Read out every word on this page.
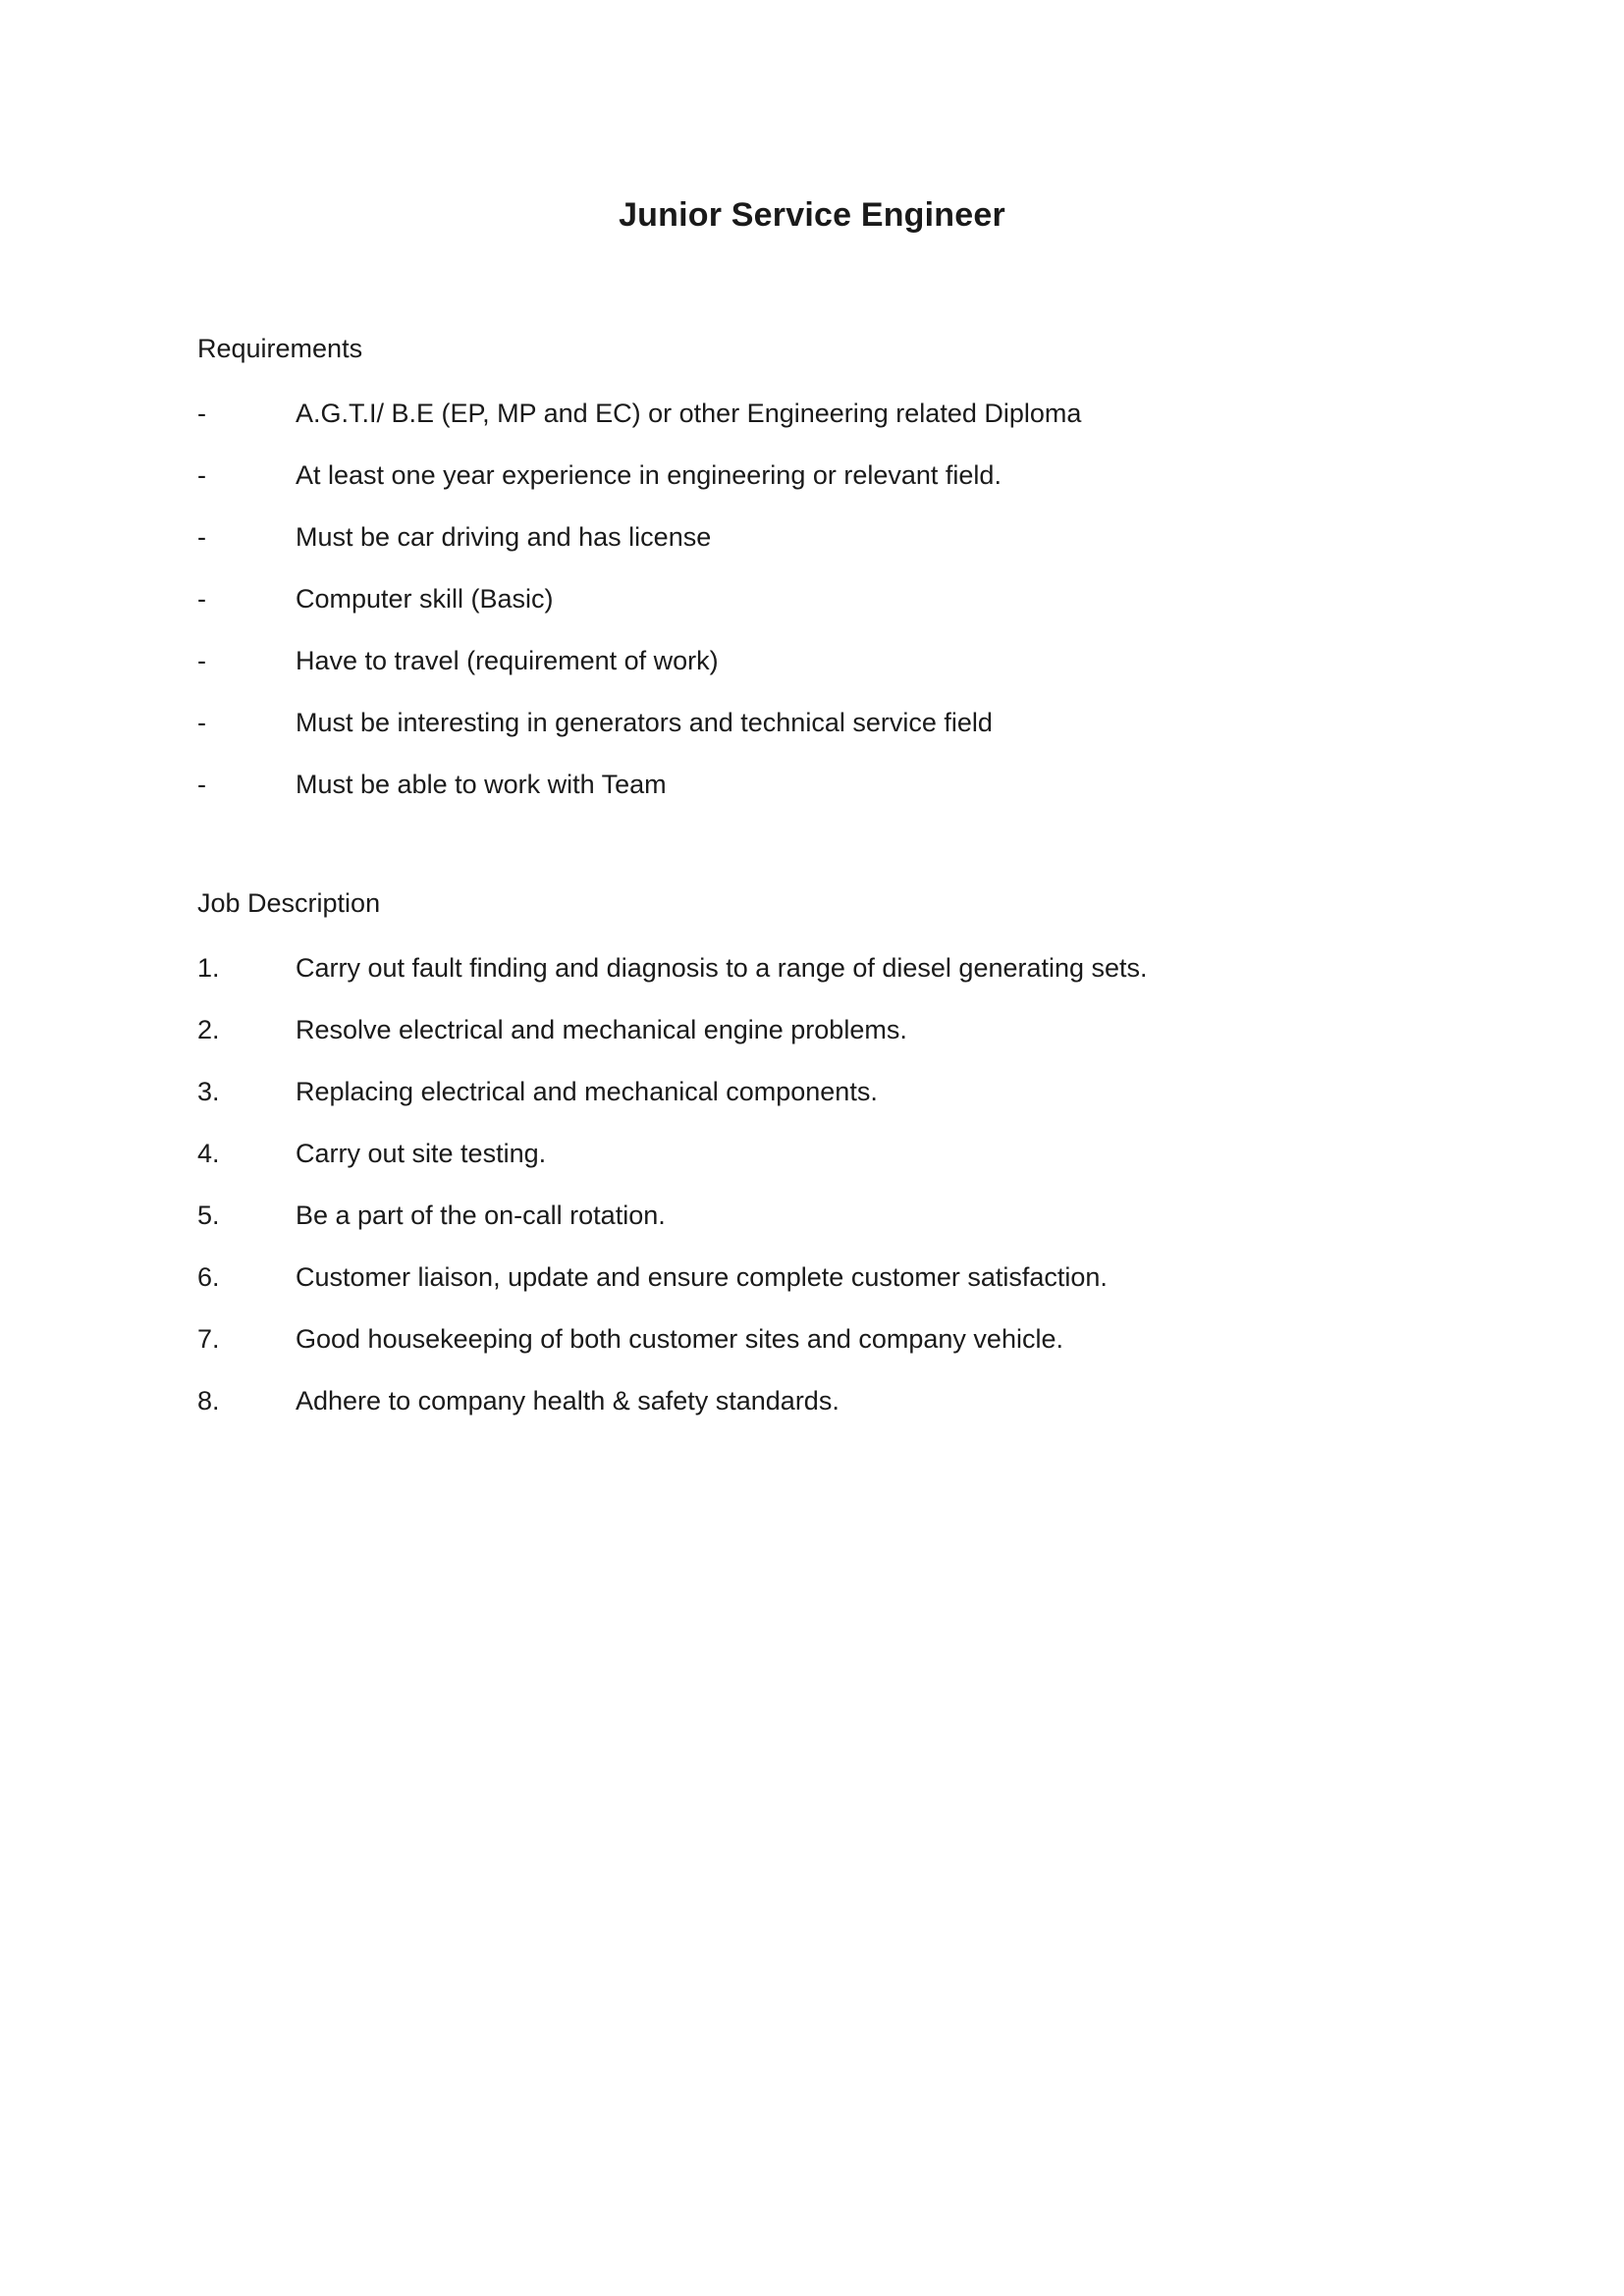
Junior Service Engineer
Requirements
-	A.G.T.I/ B.E (EP, MP and EC) or other Engineering related Diploma
-	At least one year experience in engineering or relevant field.
-	Must be car driving and has license
-	Computer skill (Basic)
-	Have to travel (requirement of work)
-	Must be interesting in generators and technical service field
-	Must be able to work with Team
Job Description
1.	Carry out fault finding and diagnosis to a range of diesel generating sets.
2.	Resolve electrical and mechanical engine problems.
3.	Replacing electrical and mechanical components.
4.	Carry out site testing.
5.	Be a part of the on-call rotation.
6.	Customer liaison, update and ensure complete customer satisfaction.
7.	Good housekeeping of both customer sites and company vehicle.
8.	Adhere to company health & safety standards.
